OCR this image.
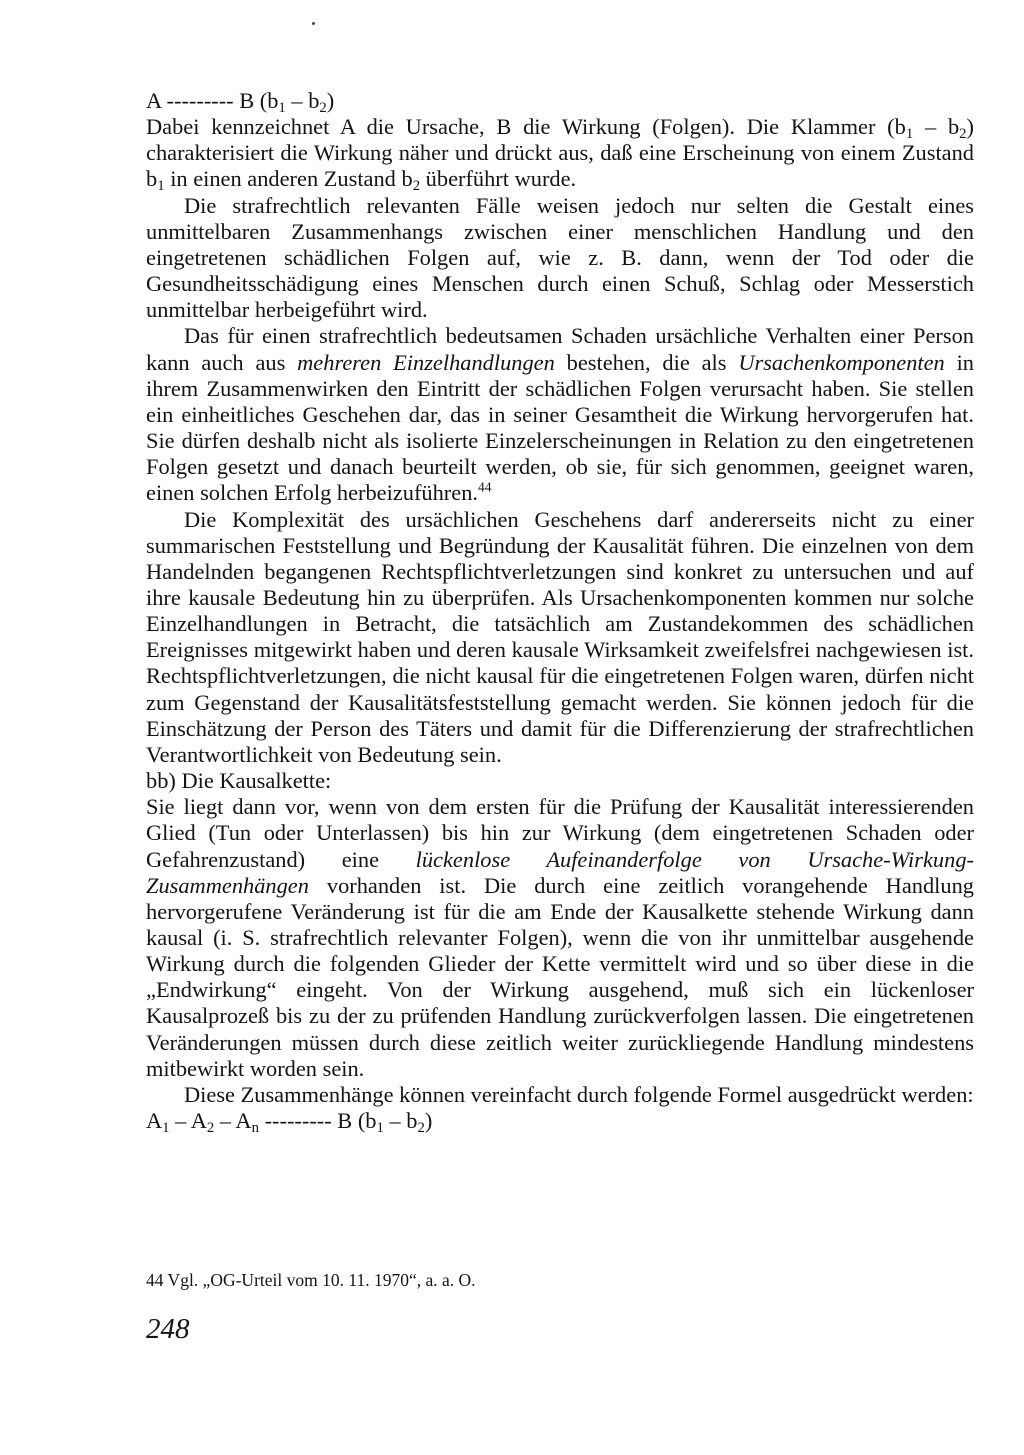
A --------- B $(b_1 - b_2)$

Dabei kennzeichnet A die Ursache, B die Wirkung (Folgen). Die Klammer $(b_1 - b_2)$ charakterisiert die Wirkung näher und drückt aus, daß eine Erscheinung von einem Zustand $b_1$ in einen anderen Zustand $b_2$ überführt wurde.

Die strafrechtlich relevanten Fälle weisen jedoch nur selten die Gestalt eines unmittelbaren Zusammenhangs zwischen einer menschlichen Handlung und den eingetretenen schädlichen Folgen auf, wie z. B. dann, wenn der Tod oder die Gesundheitsschädigung eines Menschen durch einen Schuß, Schlag oder Messerstich unmittelbar herbeigeführt wird.

Das für einen strafrechtlich bedeutsamen Schaden ursächliche Verhalten einer Person kann auch aus mehreren Einzelhandlungen bestehen, die als Ursachenkomponenten in ihrem Zusammenwirken den Eintritt der schädlichen Folgen verursacht haben. Sie stellen ein einheitliches Geschehen dar, das in seiner Gesamtheit die Wirkung hervorgerufen hat. Sie dürfen deshalb nicht als isolierte Einzelerscheinungen in Relation zu den eingetretenen Folgen gesetzt und danach beurteilt werden, ob sie, für sich genommen, geeignet waren, einen solchen Erfolg herbeizuführen.$^{44}$

Die Komplexität des ursächlichen Geschehens darf andererseits nicht zu einer summarischen Feststellung und Begründung der Kausalität führen. Die einzelnen von dem Handelnden begangenen Rechtspflichtverletzungen sind konkret zu untersuchen und auf ihre kausale Bedeutung hin zu überprüfen. Als Ursachenkomponenten kommen nur solche Einzelhandlungen in Betracht, die tatsächlich am Zustandekommen des schädlichen Ereignisses mitgewirkt haben und deren kausale Wirksamkeit zweifelsfrei nachgewiesen ist. Rechtspflichtverletzungen, die nicht kausal für die eingetretenen Folgen waren, dürfen nicht zum Gegenstand der Kausalitätsfeststellung gemacht werden. Sie können jedoch für die Einschätzung der Person des Täters und damit für die Differenzierung der strafrechtlichen Verantwortlichkeit von Bedeutung sein.

bb) Die Kausalkette:

Sie liegt dann vor, wenn von dem ersten für die Prüfung der Kausalität interessierenden Glied (Tun oder Unterlassen) bis hin zur Wirkung (dem eingetretenen Schaden oder Gefahrenzustand) eine lückenlose Aufeinanderfolge von Ursache-Wirkung-Zusammenhängen vorhanden ist. Die durch eine zeitlich vorangehende Handlung hervorgerufene Veränderung ist für die am Ende der Kausalkette stehende Wirkung dann kausal (i. S. strafrechtlich relevanter Folgen), wenn die von ihr unmittelbar ausgehende Wirkung durch die folgenden Glieder der Kette vermittelt wird und so über diese in die „Endwirkung“ eingeht. Von der Wirkung ausgehend, muß sich ein lückenloser Kausalprozeß bis zu der zu prüfenden Handlung zurückverfolgen lassen. Die eingetretenen Veränderungen müssen durch diese zeitlich weiter zurückliegende Handlung mindestens mitbewirkt worden sein.

Diese Zusammenhänge können vereinfacht durch folgende Formel ausgedrückt werden:

$A_1 - A_2 - A_n$ --------- B $(b_1 - b_2)$
44 Vgl. „OG-Urteil vom 10. 11. 1970“, a. a. O.
248
